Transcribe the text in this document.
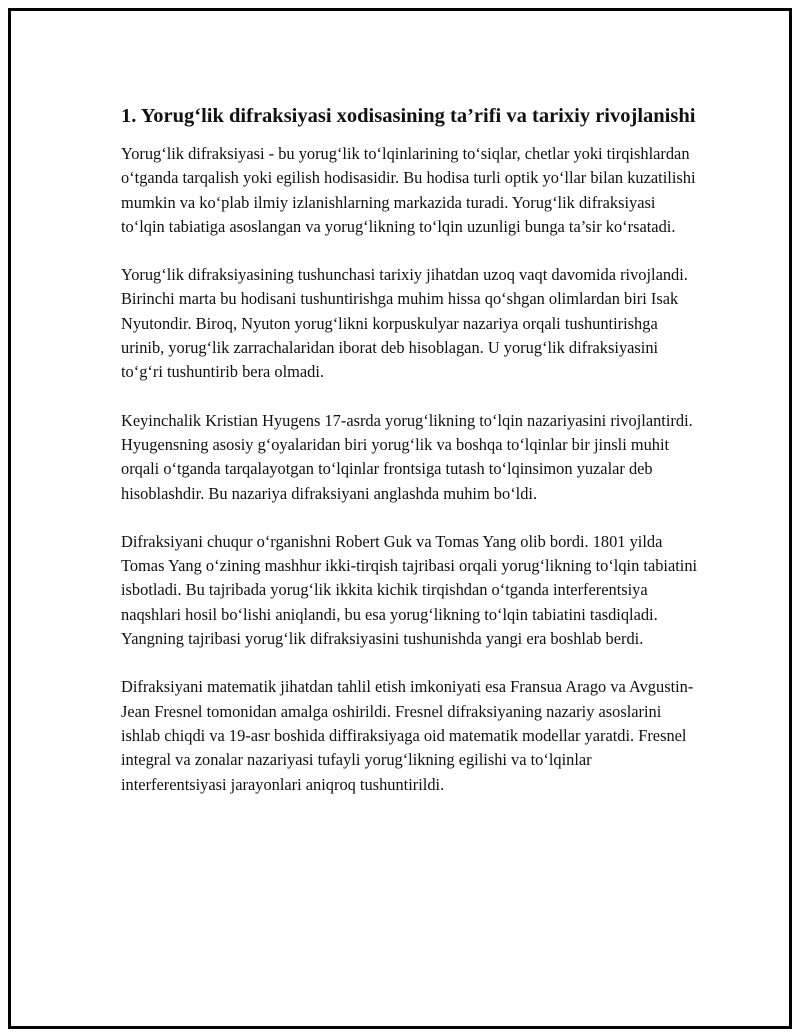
1. Yorug‘lik difraksiyasi xodisasining ta’rifi va tarixiy rivojlanishi

Yorug‘lik difraksiyasi - bu yorug‘lik to‘lqinlarining to‘siqlar, chetlar yoki tirqishlardan o‘tganda tarqalish yoki egilish hodisasidir. Bu hodisa turli optik yo‘llar bilan kuzatilishi mumkin va ko‘plab ilmiy izlanishlarning markazida turadi. Yorug‘lik difraksiyasi to‘lqin tabiatiga asoslangan va yorug‘likning to‘lqin uzunligi bunga ta’sir ko‘rsatadi.

Yorug‘lik difraksiyasining tushunchasi tarixiy jihatdan uzoq vaqt davomida rivojlandi. Birinchi marta bu hodisani tushuntirishga muhim hissa qo‘shgan olimlardan biri Isak Nyutondir. Biroq, Nyuton yorug‘likni korpuskulyar nazariya orqali tushuntirishga urinib, yorug‘lik zarrachalaridan iborat deb hisoblagan. U yorug‘lik difraksiyasini to‘g‘ri tushuntirib bera olmadi.

Keyinchalik Kristian Hyugens 17-asrda yorug‘likning to‘lqin nazariyasini rivojlantirdi. Hyugensning asosiy g‘oyalaridan biri yorug‘lik va boshqa to‘lqinlar bir jinsli muhit orqali o‘tganda tarqalayotgan to‘lqinlar frontsiga tutash to‘lqinsimon yuzalar deb hisoblashdir. Bu nazariya difraksiyani anglashda muhim bo‘ldi.

Difraksiyani chuqur o‘rganishni Robert Guk va Tomas Yang olib bordi. 1801 yilda Tomas Yang o‘zining mashhur ikki-tirqish tajribasi orqali yorug‘likning to‘lqin tabiatini isbotladi. Bu tajribada yorug‘lik ikkita kichik tirqishdan o‘tganda interferentsiya naqshlari hosil bo‘lishi aniqlandi, bu esa yorug‘likning to‘lqin tabiatini tasdiqladi. Yangning tajribasi yorug‘lik difraksiyasini tushunishda yangi era boshlab berdi.

Difraksiyani matematik jihatdan tahlil etish imkoniyati esa Fransua Arago va Avgustin-Jean Fresnel tomonidan amalga oshirildi. Fresnel difraksiyaning nazariy asoslarini ishlab chiqdi va 19-asr boshida diffiraksiyaga oid matematik modellar yaratdi. Fresnel integral va zonalar nazariyasi tufayli yorug‘likning egilishi va to‘lqinlar interferentsiyasi jarayonlari aniqroq tushuntirildi.
